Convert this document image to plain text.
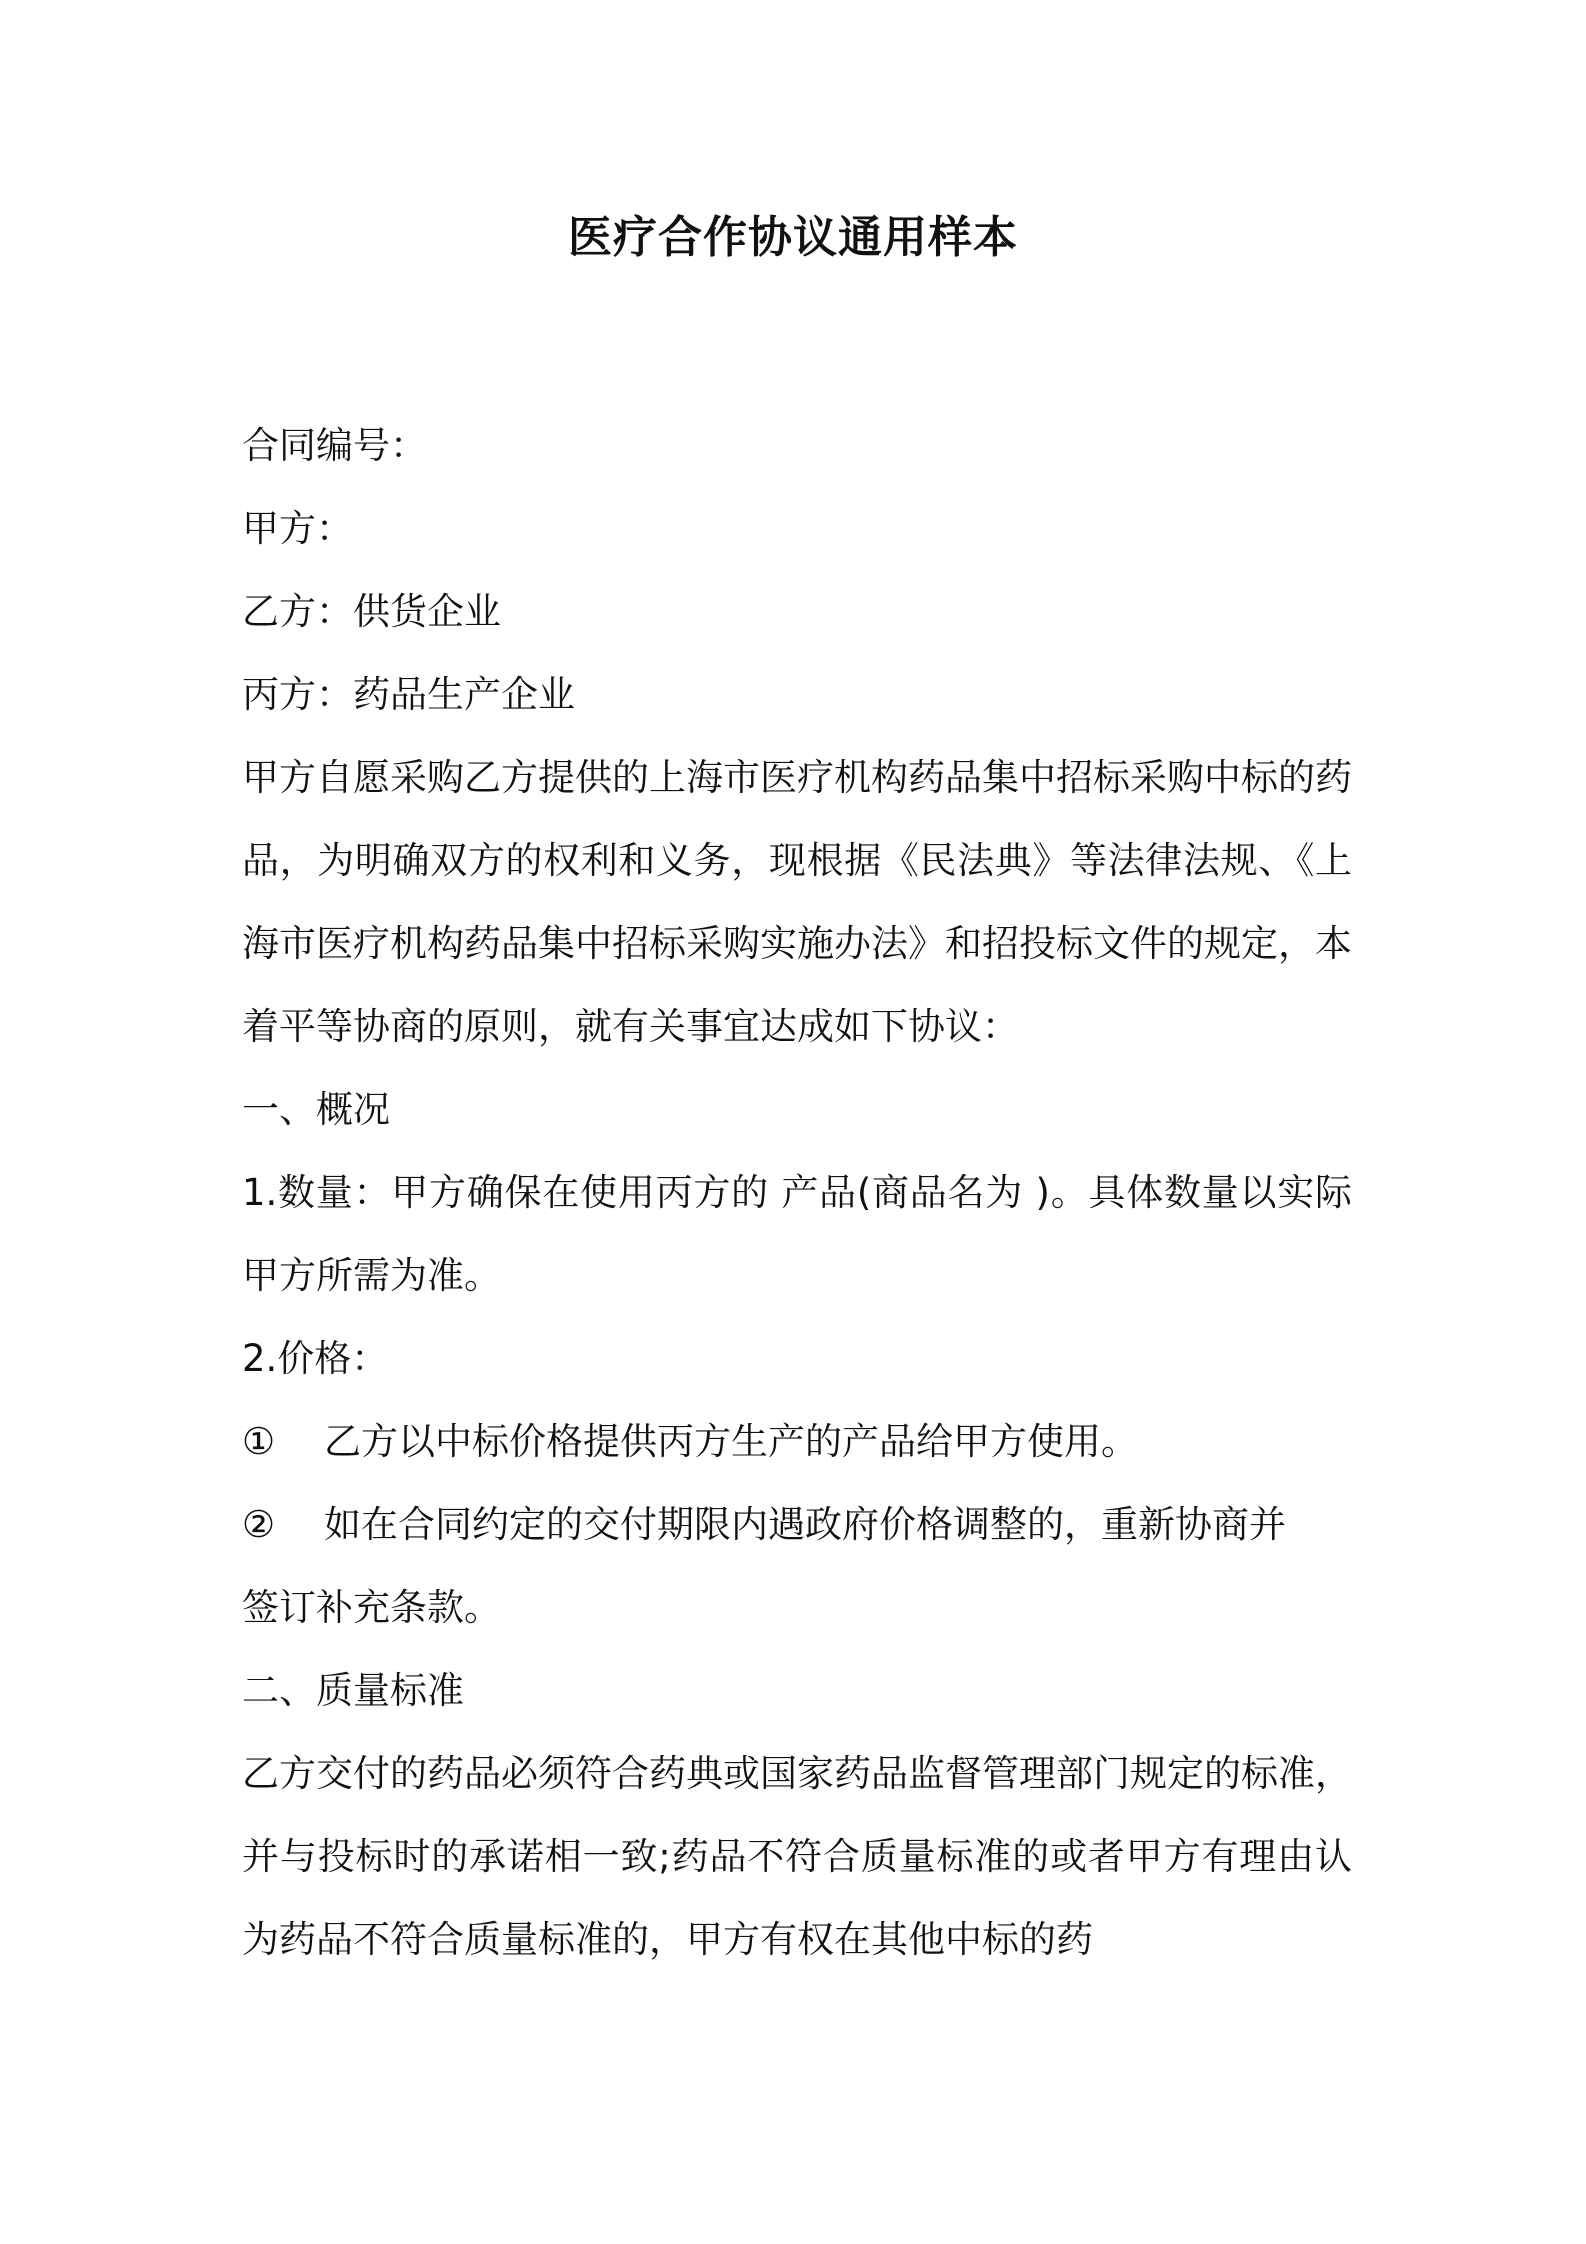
医疗合作协议通用样本
合同编号：
甲方：
乙方：供货企业
丙方：药品生产企业
甲方自愿采购乙方提供的上海市医疗机构药品集中招标采购中标的药品，为明确双方的权利和义务，现根据《民法典》等法律法规、《上海市医疗机构药品集中招标采购实施办法》和招投标文件的规定，本着平等协商的原则，就有关事宜达成如下协议：
一、概况
1.数量：甲方确保在使用丙方的 产品(商品名为 )。具体数量以实际甲方所需为准。
2.价格：
①	乙方以中标价格提供丙方生产的产品给甲方使用。
②	如在合同约定的交付期限内遇政府价格调整的，重新协商并
签订补充条款。
二、质量标准
乙方交付的药品必须符合药典或国家药品监督管理部门规定的标准，并与投标时的承诺相一致;药品不符合质量标准的或者甲方有理由认为药品不符合质量标准的，甲方有权在其他中标的药
